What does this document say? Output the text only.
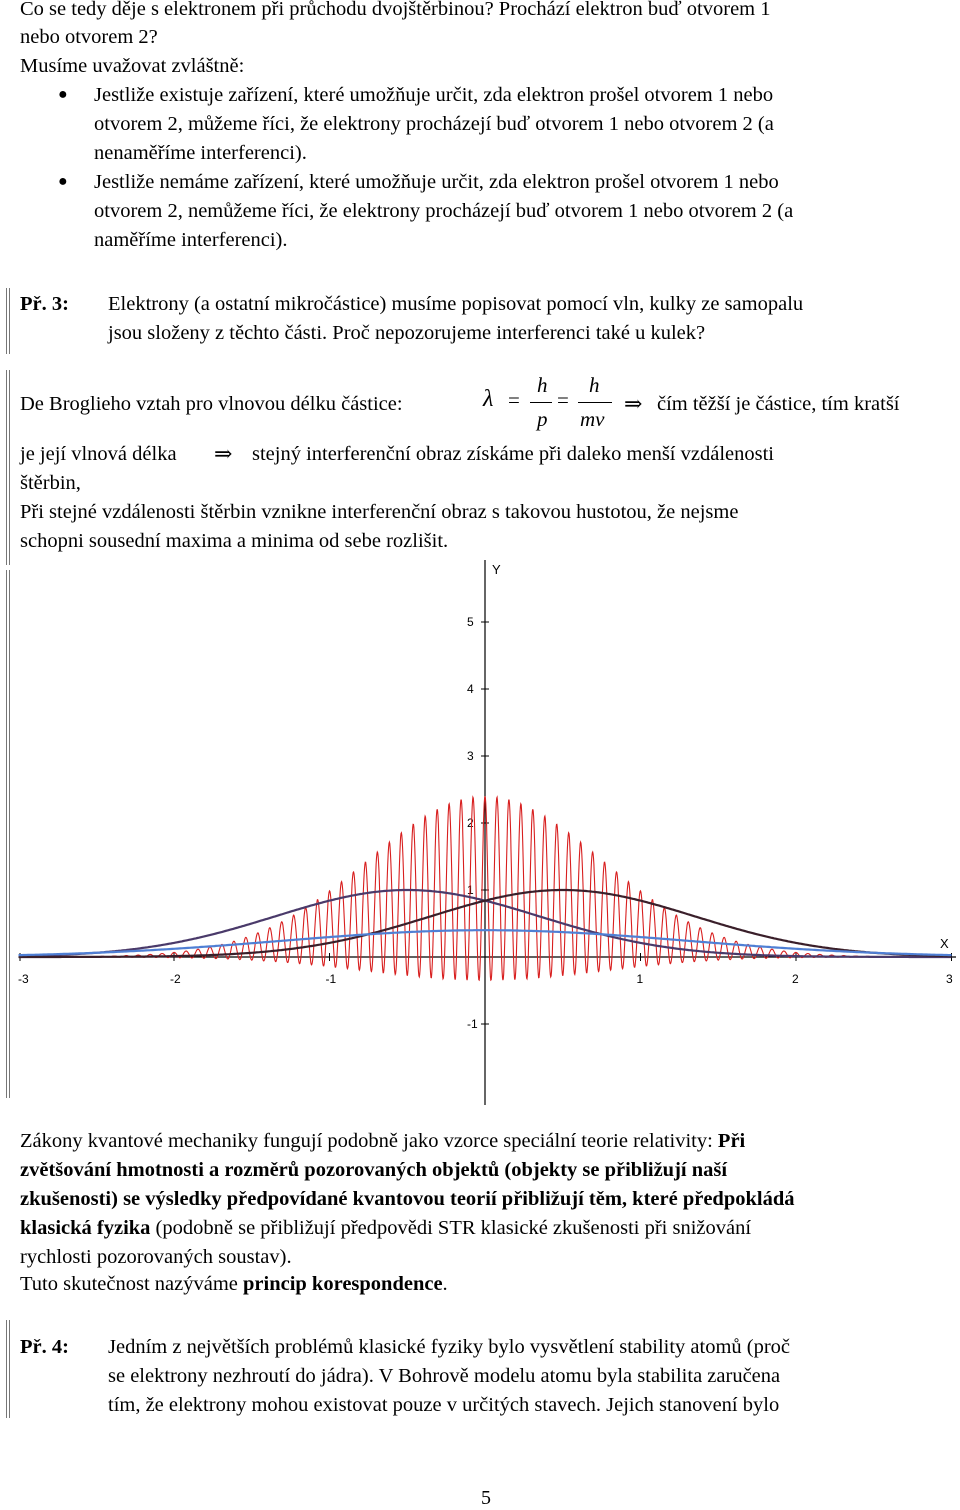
Co se tedy děje s elektronem při průchodu dvojštěrbinou? Prochází elektron buď otvorem 1
nebo otvorem 2?
Musíme uvažovat zvláštně:
● Jestliže existuje zařízení, které umožňuje určit, zda elektron prošel otvorem 1 nebo
otvorem 2, můžeme říci, že elektrony procházejí buď otvorem 1 nebo otvorem 2 (a
nenaměříme interferenci).
● Jestliže nemáme zařízení, které umožňuje určit, zda elektron prošel otvorem 1 nebo
otvorem 2, nemůžeme říci, že elektrony procházejí buď otvorem 1 nebo otvorem 2 (a
naměříme interferenci).
Př. 3: Elektrony (a ostatní mikročástice) musíme popisovat pomocí vln, kulky ze samopalu
jsou složeny z těchto části. Proč nepozorujeme interferenci také u kulek?
De Broglieho vztah pro vlnovou délku částice:	λ =
h
p
=
h
mv
⇒ čím těžší je částice, tím kratší
je její vlnová délka ⇒ stejný interferenční obraz získáme při daleko menší vzdálenosti
štěrbin,
Při stejné vzdálenosti štěrbin vznikne interferenční obraz s takovou hustotou, že nejsme
schopni sousední maxima a minima od sebe rozlišit.
X
Y
-3	-2	-1	1	2	3
5
4
3
2
1
-1
Zákony kvantové mechaniky fungují podobně jako vzorce speciální teorie relativity: Při
zvětšování hmotnosti a rozměrů pozorovaných objektů (objekty se přibližují naší
zkušenosti) se výsledky předpovídané kvantovou teorií přibližují těm, které předpokládá
klasická fyzika (podobně se přibližují předpovědi STR klasické zkušenosti při snižování
rychlosti pozorovaných soustav).
Tuto skutečnost nazýváme princip korespondence.
Př. 4: Jedním z největších problémů klasické fyziky bylo vysvětlení stability atomů (proč
se elektrony nezhroutí do jádra). V Bohrově modelu atomu byla stabilita zaručena
tím, že elektrony mohou existovat pouze v určitých stavech. Jejich stanovení bylo
5
